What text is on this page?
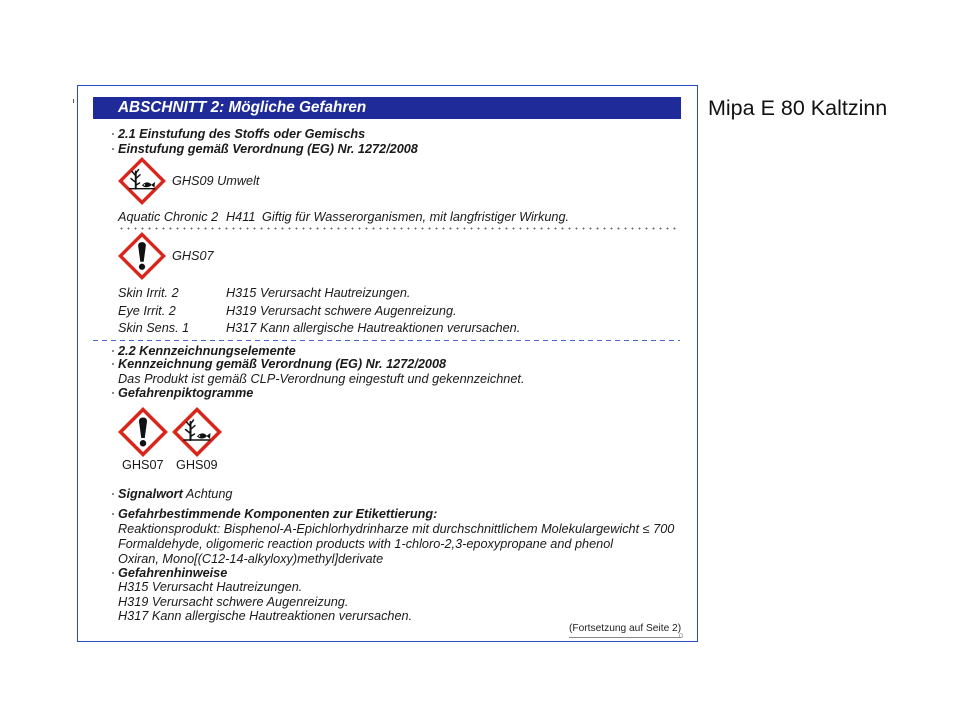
Mipa E 80 Kaltzinn
ABSCHNITT 2: Mögliche Gefahren
2.1 Einstufung des Stoffs oder Gemischs
Einstufung gemäß Verordnung (EG) Nr. 1272/2008
GHS09 Umwelt
Aquatic Chronic 2 H411 Giftig für Wasserorganismen, mit langfristiger Wirkung.
GHS07
Skin Irrit. 2	H315 Verursacht Hautreizungen.
Eye Irrit. 2	H319 Verursacht schwere Augenreizung.
Skin Sens. 1	H317 Kann allergische Hautreaktionen verursachen.
2.2 Kennzeichnungselemente
Kennzeichnung gemäß Verordnung (EG) Nr. 1272/2008
Das Produkt ist gemäß CLP-Verordnung eingestuft und gekennzeichnet.
Gefahrenpiktogramme
GHS07 GHS09
Signalwort Achtung
Gefahrbestimmende Komponenten zur Etikettierung:
Reaktionsprodukt: Bisphenol-A-Epichlorhydrinharze mit durchschnittlichem Molekulargewicht ≤ 700
Formaldehyde, oligomeric reaction products with 1-chloro-2,3-epoxypropane and phenol
Oxiran, Mono[(C12-14-alkyloxy)methyl]derivate
Gefahrenhinweise
H315 Verursacht Hautreizungen.
H319 Verursacht schwere Augenreizung.
H317 Kann allergische Hautreaktionen verursachen.
(Fortsetzung auf Seite 2)
D
